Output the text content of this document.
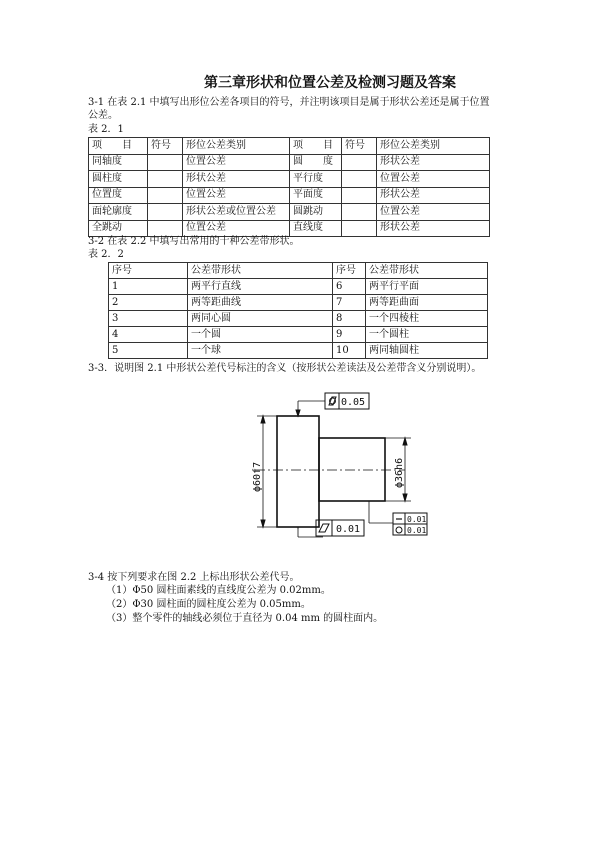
第三章形状和位置公差及检测习题及答案
3-1 在表 2.1 中填写出形位公差各项目的符号，并注明该项目是属于形状公差还是属于位置
公差。
表 2．1
项　　目	符号	形位公差类别	项　　目	符号	形位公差类别
同轴度		位置公差	圆　　度		形状公差
圆柱度		形状公差	平行度		位置公差
位置度		位置公差	平面度		形状公差
面轮廓度		形状公差或位置公差	圆跳动		位置公差
全跳动		位置公差	直线度		形状公差
3-2 在表 2.2 中填写出常用的十种公差带形状。
表 2．2
序号	公差带形状	序号	公差带形状
1	两平行直线	6	两平行平面
2	两等距曲线	7	两等距曲面
3	两同心圆	8	一个四棱柱
4	一个圆	9	一个圆柱
5	一个球	10	两同轴圆柱
3-3．说明图 2.1 中形状公差代号标注的含义（按形状公差读法及公差带含义分别说明）。
0.05
0.01
0.01
0.01
ϕ60f7	ϕ36h6
3-4 按下列要求在图 2.2 上标出形状公差代号。
（1）Φ50 圆柱面素线的直线度公差为 0.02mm。
（2）Φ30 圆柱面的圆柱度公差为 0.05mm。
（3）整个零件的轴线必须位于直径为 0.04 mm 的圆柱面内。
